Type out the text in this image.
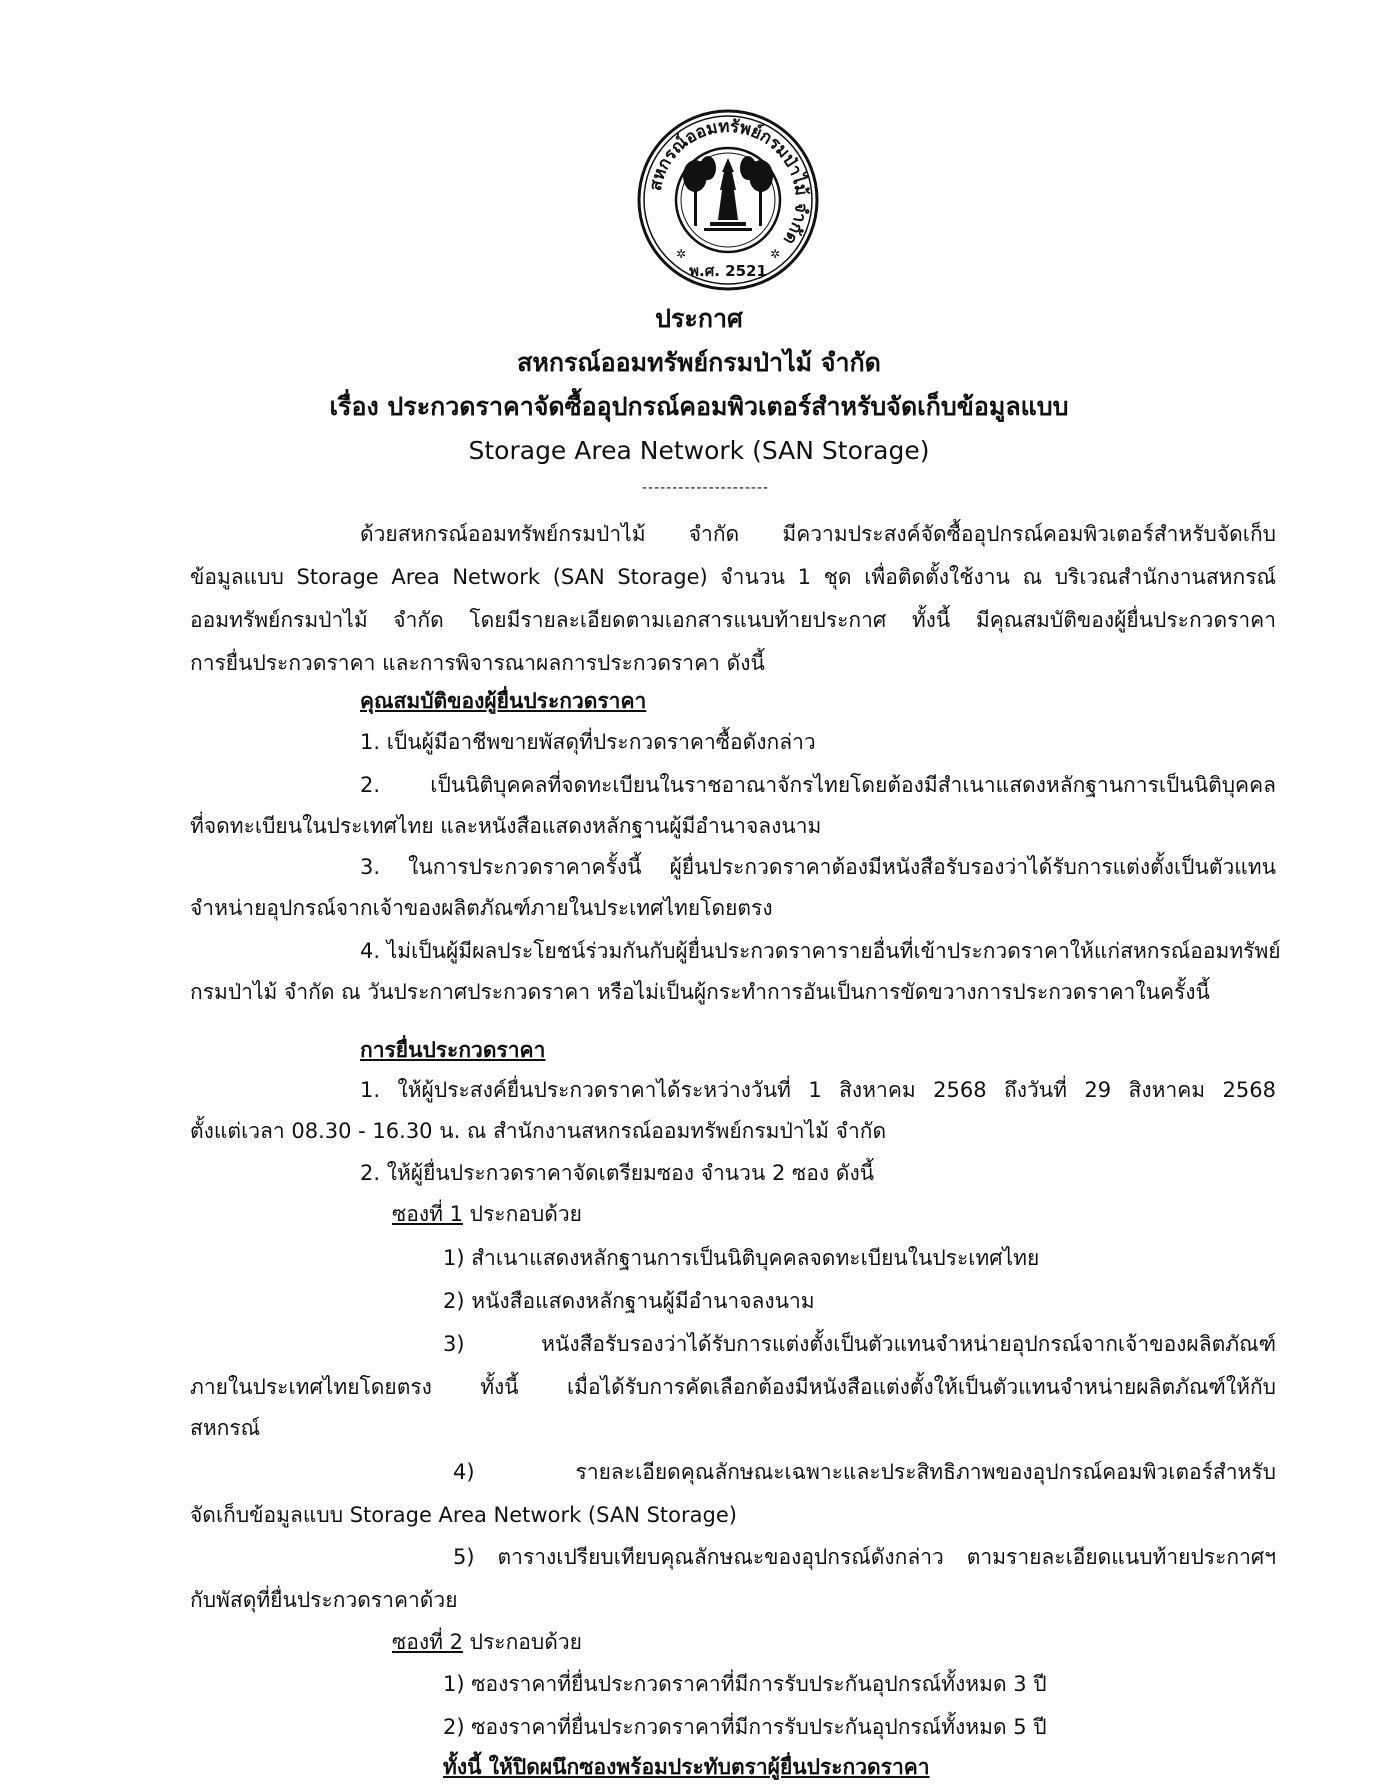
สหกรณ์ออมทรัพย์กรมป่าไม้ จำกัด
พ.ศ. 2521
✲	✲
ประกาศ
สหกรณ์ออมทรัพย์กรมป่าไม้ จำกัด
เรื่อง ประกวดราคาจัดซื้ออุปกรณ์คอมพิวเตอร์สำหรับจัดเก็บข้อมูลแบบ
Storage Area Network (SAN Storage)
---------------------
ด้วยสหกรณ์ออมทรัพย์กรมป่าไม้ จำกัด มีความประสงค์จัดซื้ออุปกรณ์คอมพิวเตอร์สำหรับจัดเก็บ
ข้อมูลแบบ Storage Area Network (SAN Storage) จำนวน 1 ชุด เพื่อติดตั้งใช้งาน ณ บริเวณสำนักงานสหกรณ์
ออมทรัพย์กรมป่าไม้ จำกัด โดยมีรายละเอียดตามเอกสารแนบท้ายประกาศ ทั้งนี้ มีคุณสมบัติของผู้ยื่นประกวดราคา
การยื่นประกวดราคา และการพิจารณาผลการประกวดราคา ดังนี้
คุณสมบัติของผู้ยื่นประกวดราคา
1. เป็นผู้มีอาชีพขายพัสดุที่ประกวดราคาซื้อดังกล่าว
2. เป็นนิติบุคคลที่จดทะเบียนในราชอาณาจักรไทยโดยต้องมีสำเนาแสดงหลักฐานการเป็นนิติบุคคล
ที่จดทะเบียนในประเทศไทย และหนังสือแสดงหลักฐานผู้มีอำนาจลงนาม
3. ในการประกวดราคาครั้งนี้ ผู้ยื่นประกวดราคาต้องมีหนังสือรับรองว่าได้รับการแต่งตั้งเป็นตัวแทน
จำหน่ายอุปกรณ์จากเจ้าของผลิตภัณฑ์ภายในประเทศไทยโดยตรง
4. ไม่เป็นผู้มีผลประโยชน์ร่วมกันกับผู้ยื่นประกวดราคารายอื่นที่เข้าประกวดราคาให้แก่สหกรณ์ออมทรัพย์
กรมป่าไม้ จำกัด ณ วันประกาศประกวดราคา หรือไม่เป็นผู้กระทำการอันเป็นการขัดขวางการประกวดราคาในครั้งนี้
การยื่นประกวดราคา
1. ให้ผู้ประสงค์ยื่นประกวดราคาได้ระหว่างวันที่ 1 สิงหาคม 2568 ถึงวันที่ 29 สิงหาคม 2568
ตั้งแต่เวลา 08.30 - 16.30 น. ณ สำนักงานสหกรณ์ออมทรัพย์กรมป่าไม้ จำกัด
2. ให้ผู้ยื่นประกวดราคาจัดเตรียมซอง จำนวน 2 ซอง ดังนี้
ซองที่ 1 ประกอบด้วย
1) สำเนาแสดงหลักฐานการเป็นนิติบุคคลจดทะเบียนในประเทศไทย
2) หนังสือแสดงหลักฐานผู้มีอำนาจลงนาม
3) หนังสือรับรองว่าได้รับการแต่งตั้งเป็นตัวแทนจำหน่ายอุปกรณ์จากเจ้าของผลิตภัณฑ์
ภายในประเทศไทยโดยตรง ทั้งนี้ เมื่อได้รับการคัดเลือกต้องมีหนังสือแต่งตั้งให้เป็นตัวแทนจำหน่ายผลิตภัณฑ์ให้กับ
สหกรณ์
4) รายละเอียดคุณลักษณะเฉพาะและประสิทธิภาพของอุปกรณ์คอมพิวเตอร์สำหรับ
จัดเก็บข้อมูลแบบ Storage Area Network (SAN Storage)
5) ตารางเปรียบเทียบคุณลักษณะของอุปกรณ์ดังกล่าว ตามรายละเอียดแนบท้ายประกาศฯ
กับพัสดุที่ยื่นประกวดราคาด้วย
ซองที่ 2 ประกอบด้วย
1) ซองราคาที่ยื่นประกวดราคาที่มีการรับประกันอุปกรณ์ทั้งหมด 3 ปี
2) ซองราคาที่ยื่นประกวดราคาที่มีการรับประกันอุปกรณ์ทั้งหมด 5 ปี
ทั้งนี้ ให้ปิดผนึกซองพร้อมประทับตราผู้ยื่นประกวดราคา
